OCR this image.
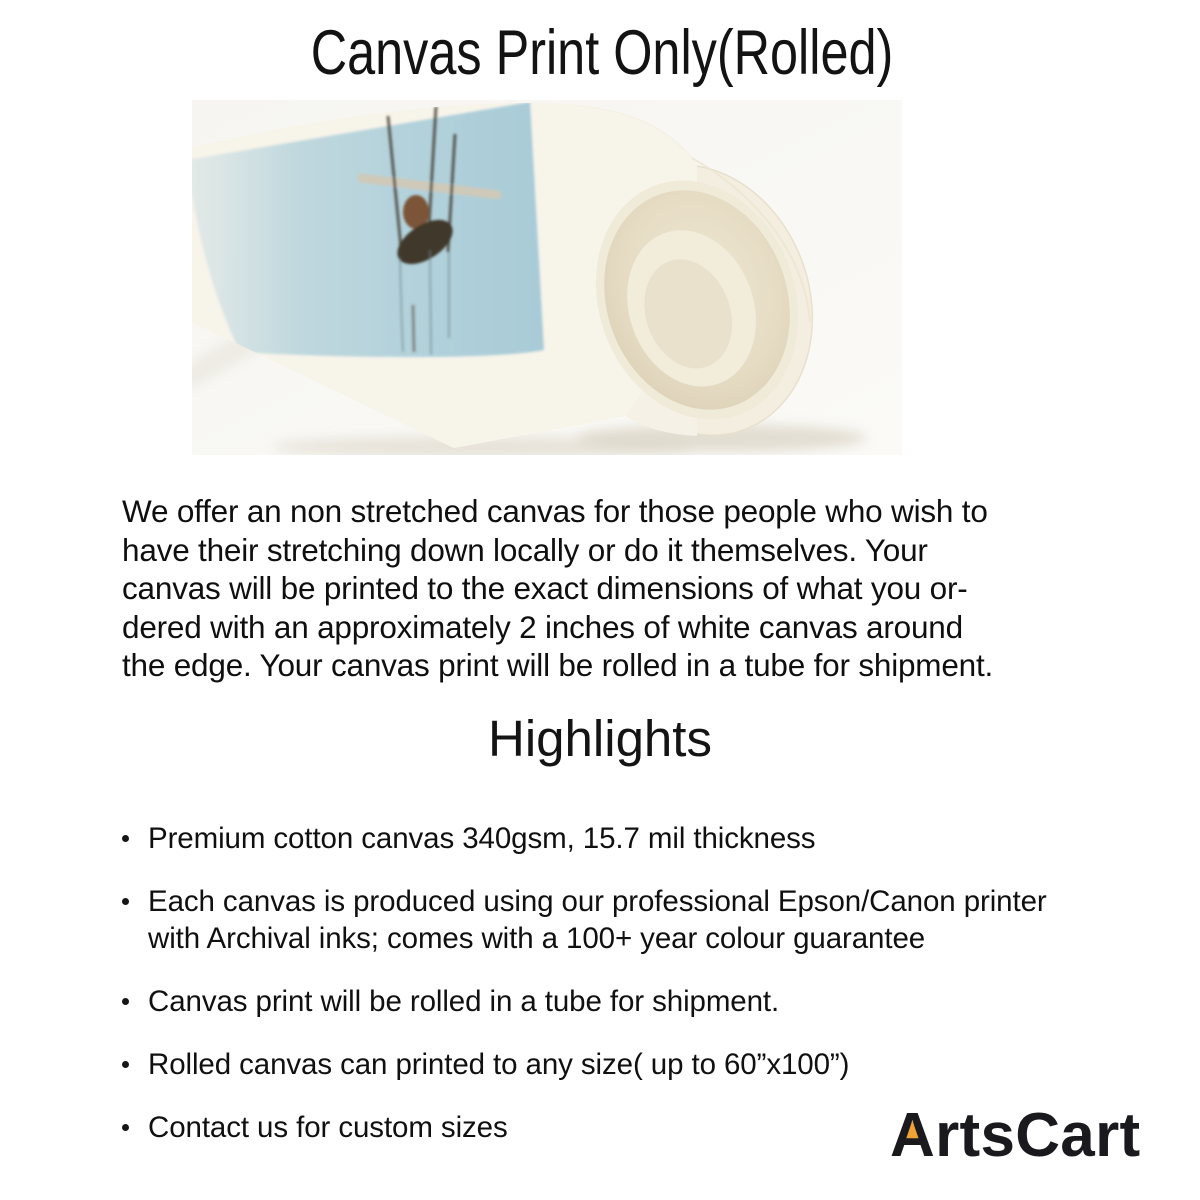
Canvas Print Only(Rolled)
We offer an non stretched canvas for those people who wish to
have their stretching down locally or do it themselves. Your
canvas will be printed to the exact dimensions of what you or-
dered with an approximately 2 inches of white canvas around
the edge. Your canvas print will be rolled in a tube for shipment.
Highlights
Premium cotton canvas 340gsm, 15.7 mil thickness
Each canvas is produced using our professional Epson/Canon printer
with Archival inks; comes with a 100+ year colour guarantee
Canvas print will be rolled in a tube for shipment.
Rolled canvas can printed to any size( up to 60”x100”)
Contact us for custom sizes	ArtsCart
